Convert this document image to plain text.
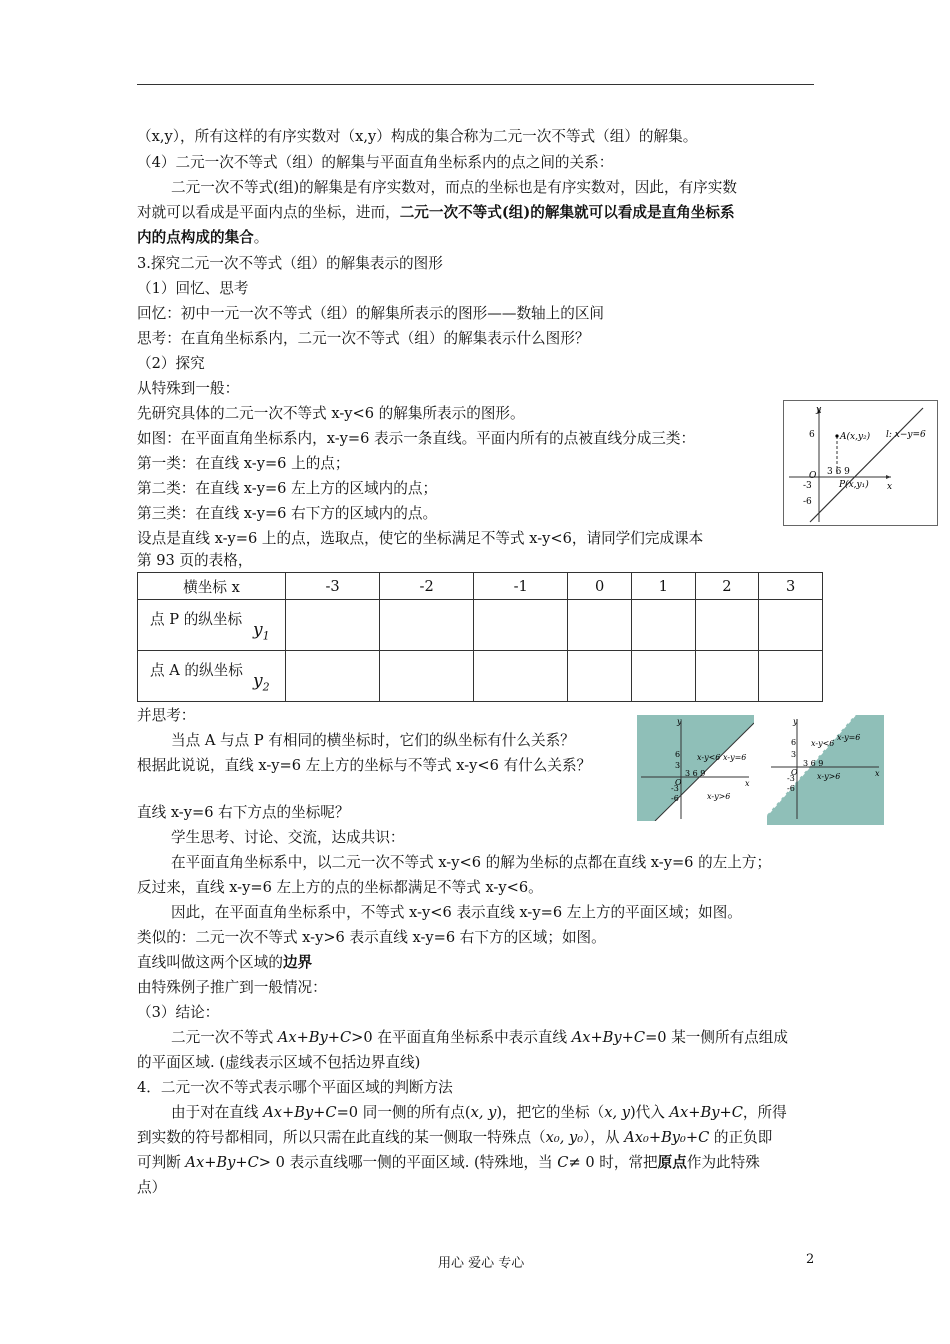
（x,y），所有这样的有序实数对（x,y）构成的集合称为二元一次不等式（组）的解集。
（4）二元一次不等式（组）的解集与平面直角坐标系内的点之间的关系：
二元一次不等式(组)的解集是有序实数对，而点的坐标也是有序实数对，因此，有序实数
对就可以看成是平面内点的坐标，进而，二元一次不等式(组)的解集就可以看成是直角坐标系
内的点构成的集合。
3.探究二元一次不等式（组）的解集表示的图形
（1）回忆、思考
回忆：初中一元一次不等式（组）的解集所表示的图形——数轴上的区间
思考：在直角坐标系内，二元一次不等式（组）的解集表示什么图形？
（2）探究
从特殊到一般：
先研究具体的二元一次不等式 x-y<6 的解集所表示的图形。
如图：在平面直角坐标系内，x-y=6 表示一条直线。平面内所有的点被直线分成三类：
第一类：在直线 x-y=6 上的点；
第二类：在直线 x-y=6 左上方的区域内的点；
第三类：在直线 x-y=6 右下方的区域内的点。
设点是直线 x-y=6 上的点，选取点，使它的坐标满足不等式 x-y<6，请同学们完成课本
第 93 页的表格，
y
x
O
6
-3
-6
3 6 9
A(x,y₂)
P(x,y₁)
l: x−y=6
横坐标 x	-3	-2	-1	0	1	2	3

点 P 的纵坐标
$y_1$

点 A 的纵坐标
$y_2$

并思考：
当点 A 与点 P 有相同的横坐标时，它们的纵坐标有什么关系？
根据此说说，直线 x-y=6 左上方的坐标与不等式 x-y<6 有什么关系？
y
x
O
6
3
-3
-6
3 6 9
x-y<6 x-y=6
x-y>6
y
x
O
6
3
-3
-6
3 6 9
x-y<6
x-y=6
x-y>6
直线 x-y=6 右下方点的坐标呢？
学生思考、讨论、交流，达成共识：
在平面直角坐标系中，以二元一次不等式 x-y<6 的解为坐标的点都在直线 x-y=6 的左上方；
反过来，直线 x-y=6 左上方的点的坐标都满足不等式 x-y<6。
因此，在平面直角坐标系中，不等式 x-y<6 表示直线 x-y=6 左上方的平面区域；如图。
类似的：二元一次不等式 x-y>6 表示直线 x-y=6 右下方的区域；如图。
直线叫做这两个区域的边界
由特殊例子推广到一般情况：
（3）结论：
二元一次不等式 Ax+By+C>0 在平面直角坐标系中表示直线 Ax+By+C=0 某一侧所有点组成
的平面区域. (虚线表示区域不包括边界直线)
4．二元一次不等式表示哪个平面区域的判断方法
由于对在直线 Ax+By+C=0 同一侧的所有点(x, y)，把它的坐标（x, y)代入 Ax+By+C，所得
到实数的符号都相同，所以只需在此直线的某一侧取一特殊点（x₀, y₀），从 Ax₀+By₀+C 的正负即
可判断 Ax+By+C> 0 表示直线哪一侧的平面区域. (特殊地，当 C≠ 0 时，常把原点作为此特殊
点）
用心 爱心 专心	2
